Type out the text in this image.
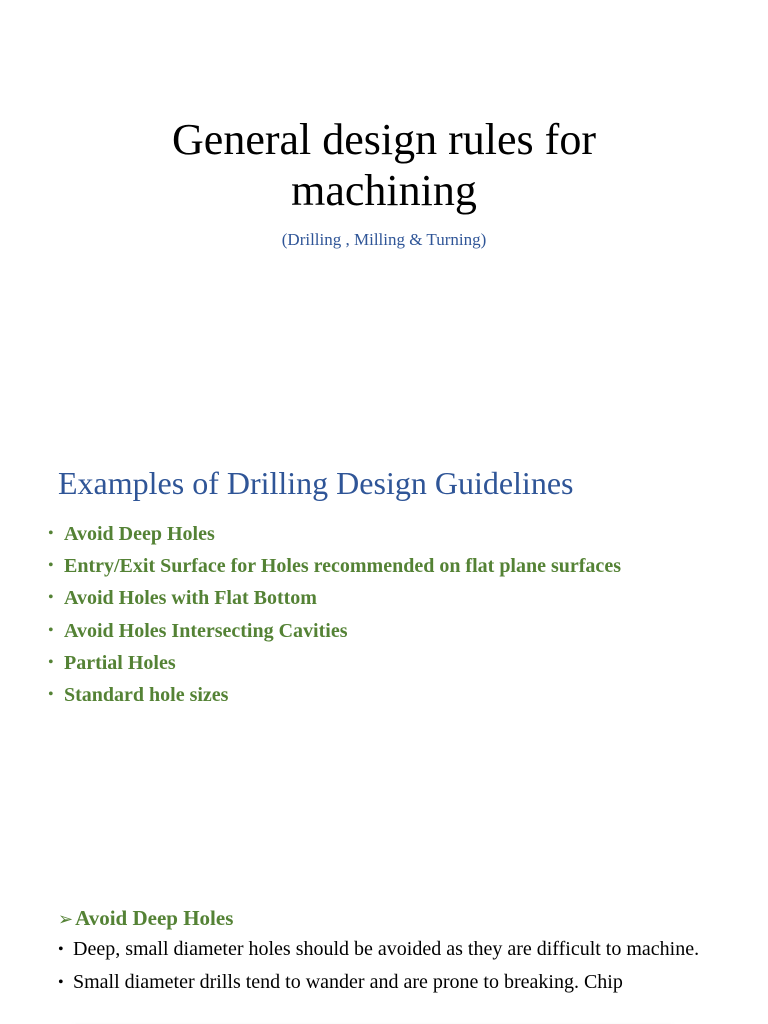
General design rules for
machining
(Drilling , Milling & Turning)
Examples of Drilling Design Guidelines
• Avoid Deep Holes
• Entry/Exit Surface for Holes recommended on flat plane surfaces
• Avoid Holes with Flat Bottom
• Avoid Holes Intersecting Cavities
• Partial Holes
• Standard hole sizes
➢Avoid Deep Holes
• Deep, small diameter holes should be avoided as they are difficult to machine.
• Small diameter drills tend to wander and are prone to breaking. Chip
